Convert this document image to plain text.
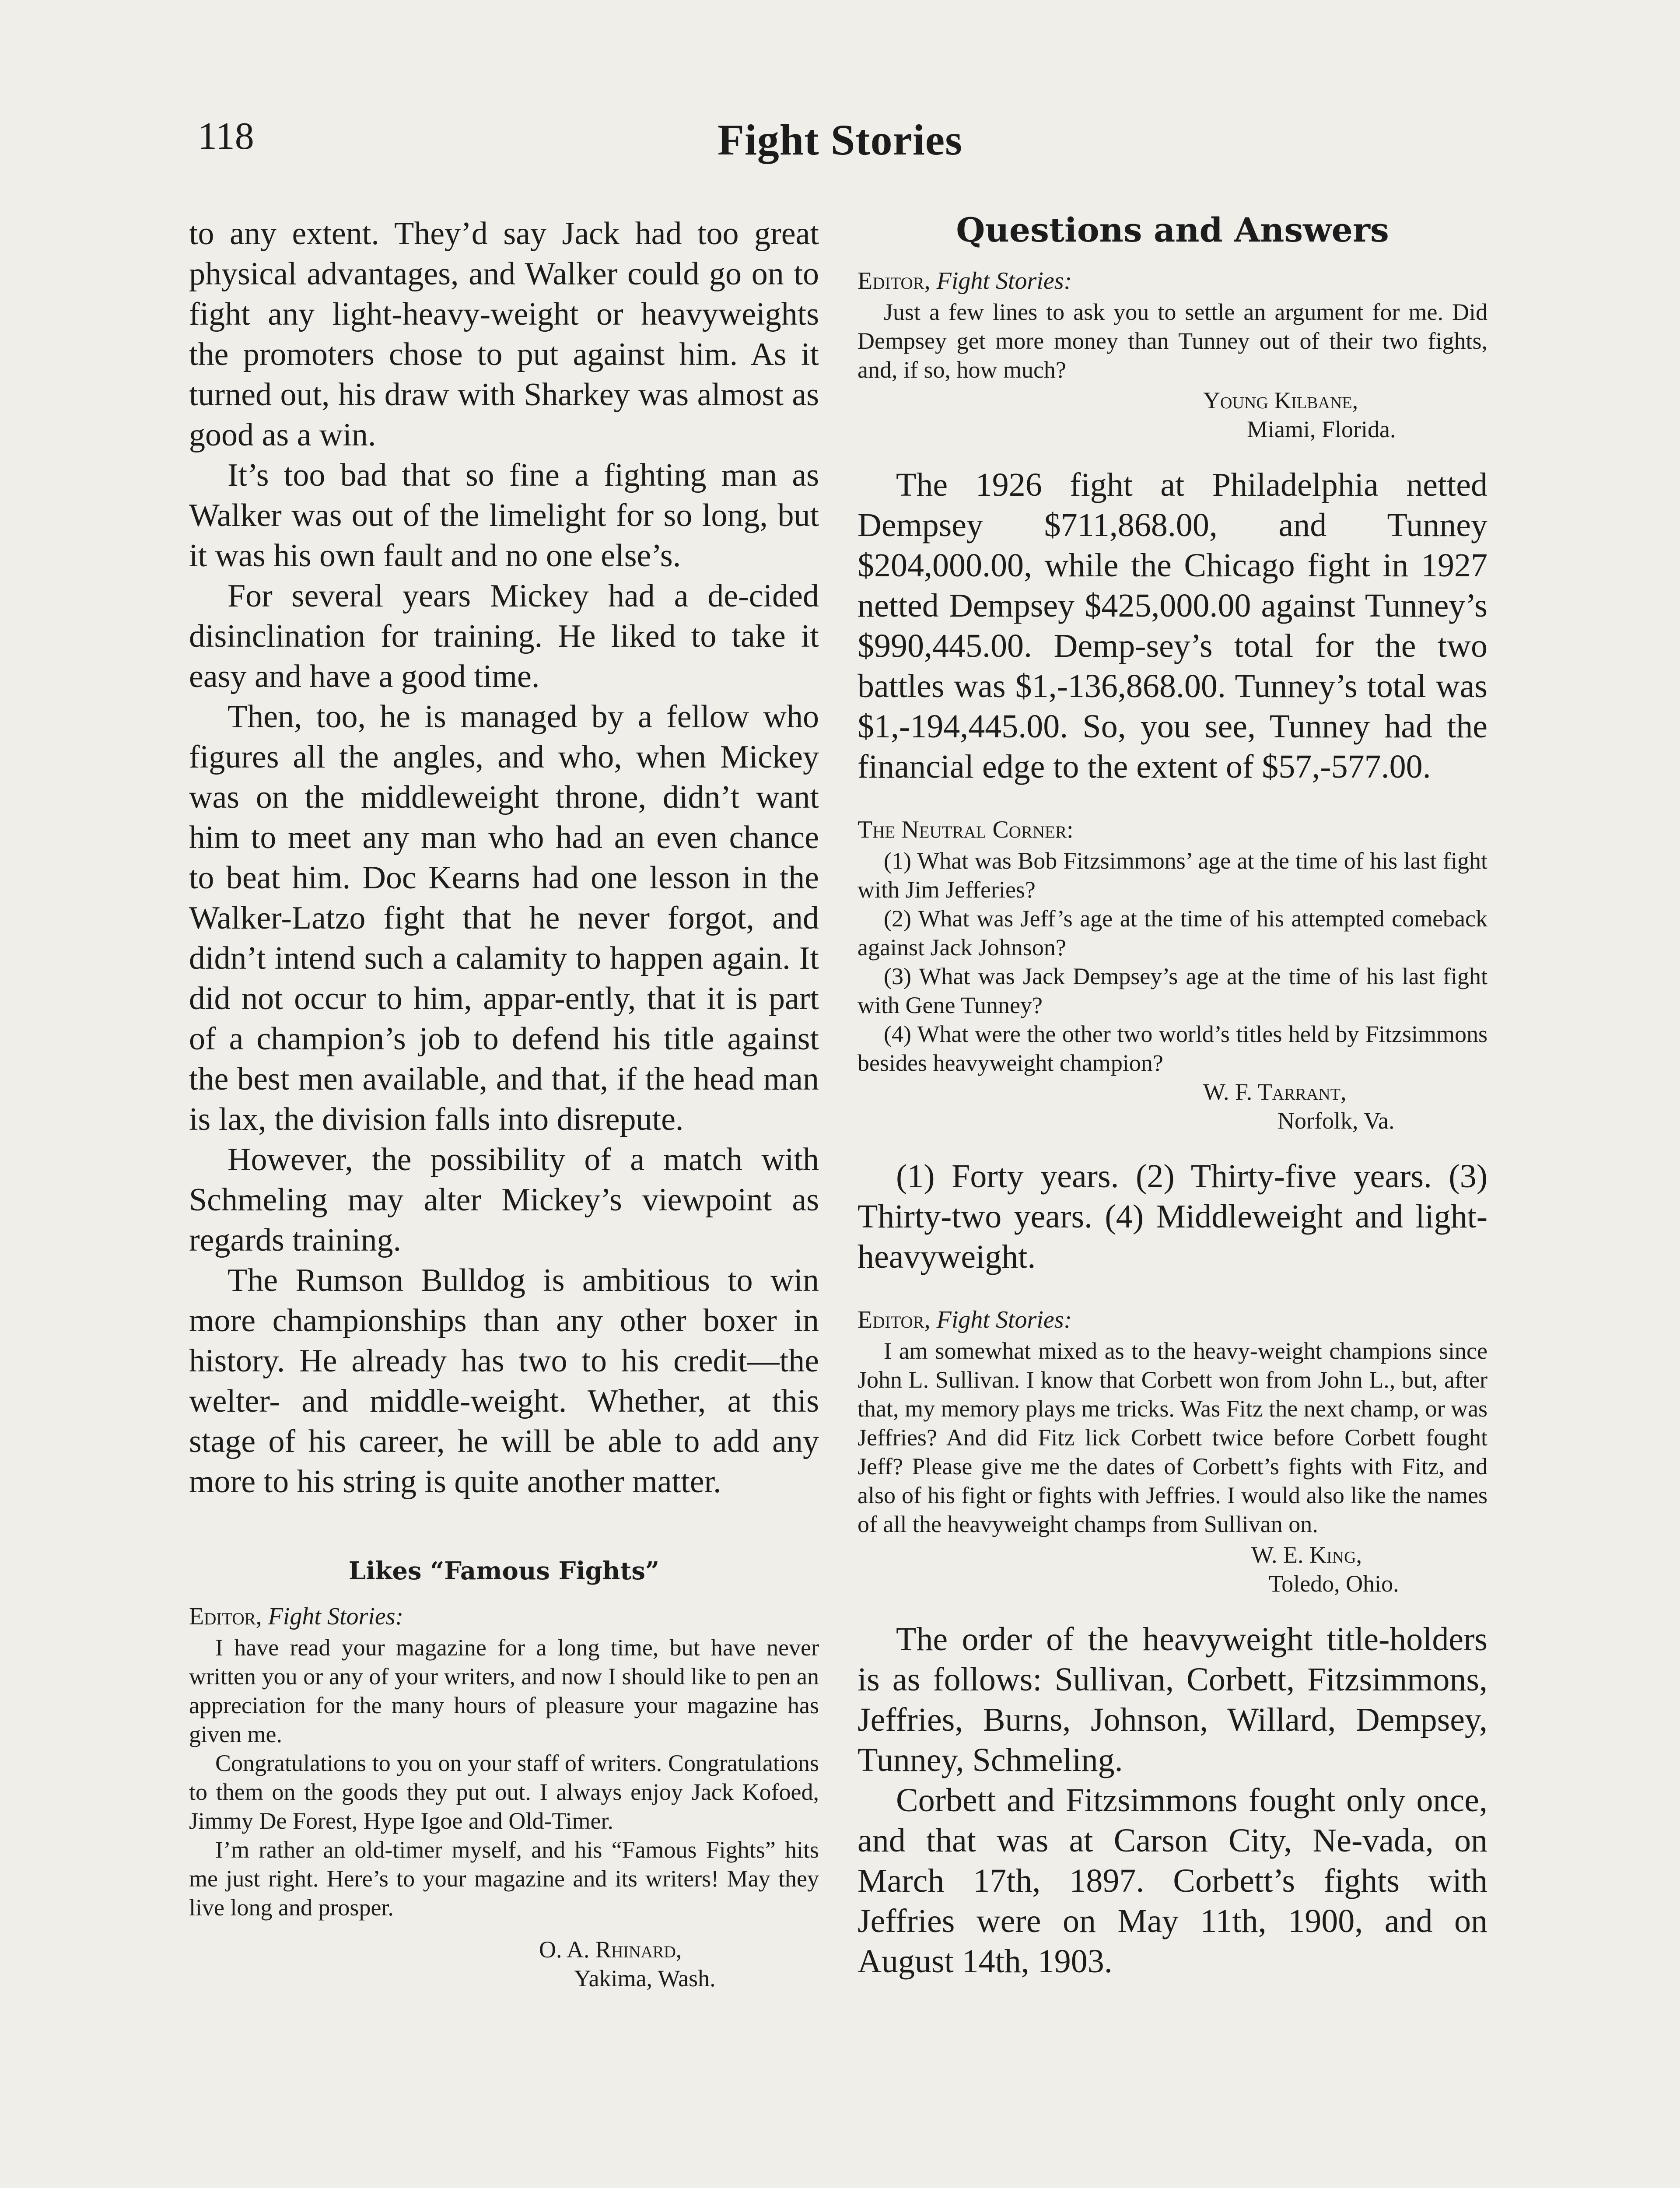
118	Fight Stories

to any extent. They’d say Jack had too great physical advantages, and Walker could go on to fight any light-heavy-weight or heavyweights the promoters chose to put against him. As it turned out, his draw with Sharkey was almost as good as a win.

It’s too bad that so fine a fighting man as Walker was out of the limelight for so long, but it was his own fault and no one else’s.

For several years Mickey had a de-cided disinclination for training. He liked to take it easy and have a good time.

Then, too, he is managed by a fellow who figures all the angles, and who, when Mickey was on the middleweight throne, didn’t want him to meet any man who had an even chance to beat him. Doc Kearns had one lesson in the Walker-Latzo fight that he never forgot, and didn’t intend such a calamity to happen again. It did not occur to him, appar-ently, that it is part of a champion’s job to defend his title against the best men available, and that, if the head man is lax, the division falls into disrepute.

However, the possibility of a match with Schmeling may alter Mickey’s viewpoint as regards training.

The Rumson Bulldog is ambitious to win more championships than any other boxer in history. He already has two to his credit—the welter- and middle-weight. Whether, at this stage of his career, he will be able to add any more to his string is quite another matter.

Likes “Famous Fights”
Editor, Fight Stories:

I have read your magazine for a long time, but have never written you or any of your writers, and now I should like to pen an appreciation for the many hours of pleasure your magazine has given me.

Congratulations to you on your staff of writers. Congratulations to them on the goods they put out. I always enjoy Jack Kofoed, Jimmy De Forest, Hype Igoe and Old-Timer.

I’m rather an old-timer myself, and his “Famous Fights” hits me just right. Here’s to your magazine and its writers! May they live long and prosper.

O. A. Rhinard,
Yakima, Wash.
Questions and Answers
Editor, Fight Stories:

Just a few lines to ask you to settle an argument for me. Did Dempsey get more money than Tunney out of their two fights, and, if so, how much?

Young Kilbane,
Miami, Florida.

The 1926 fight at Philadelphia netted Dempsey $711,868.00, and Tunney $204,000.00, while the Chicago fight in 1927 netted Dempsey $425,000.00 against Tunney’s $990,445.00. Demp-sey’s total for the two battles was $1,-136,868.00. Tunney’s total was $1,-194,445.00. So, you see, Tunney had the financial edge to the extent of $57,-577.00.

The Neutral Corner:

(1) What was Bob Fitzsimmons’ age at the time of his last fight with Jim Jefferies?

(2) What was Jeff’s age at the time of his attempted comeback against Jack Johnson?

(3) What was Jack Dempsey’s age at the time of his last fight with Gene Tunney?

(4) What were the other two world’s titles held by Fitzsimmons besides heavyweight champion?

W. F. Tarrant,
Norfolk, Va.

(1) Forty years. (2) Thirty-five years. (3) Thirty-two years. (4) Middleweight and light-heavyweight.

Editor, Fight Stories:

I am somewhat mixed as to the heavy-weight champions since John L. Sullivan. I know that Corbett won from John L., but, after that, my memory plays me tricks. Was Fitz the next champ, or was Jeffries? And did Fitz lick Corbett twice before Corbett fought Jeff? Please give me the dates of Corbett’s fights with Fitz, and also of his fight or fights with Jeffries. I would also like the names of all the heavyweight champs from Sullivan on.

W. E. King,
Toledo, Ohio.

The order of the heavyweight title-holders is as follows: Sullivan, Corbett, Fitzsimmons, Jeffries, Burns, Johnson, Willard, Dempsey, Tunney, Schmeling.

Corbett and Fitzsimmons fought only once, and that was at Carson City, Ne-vada, on March 17th, 1897. Corbett’s fights with Jeffries were on May 11th, 1900, and on August 14th, 1903.
